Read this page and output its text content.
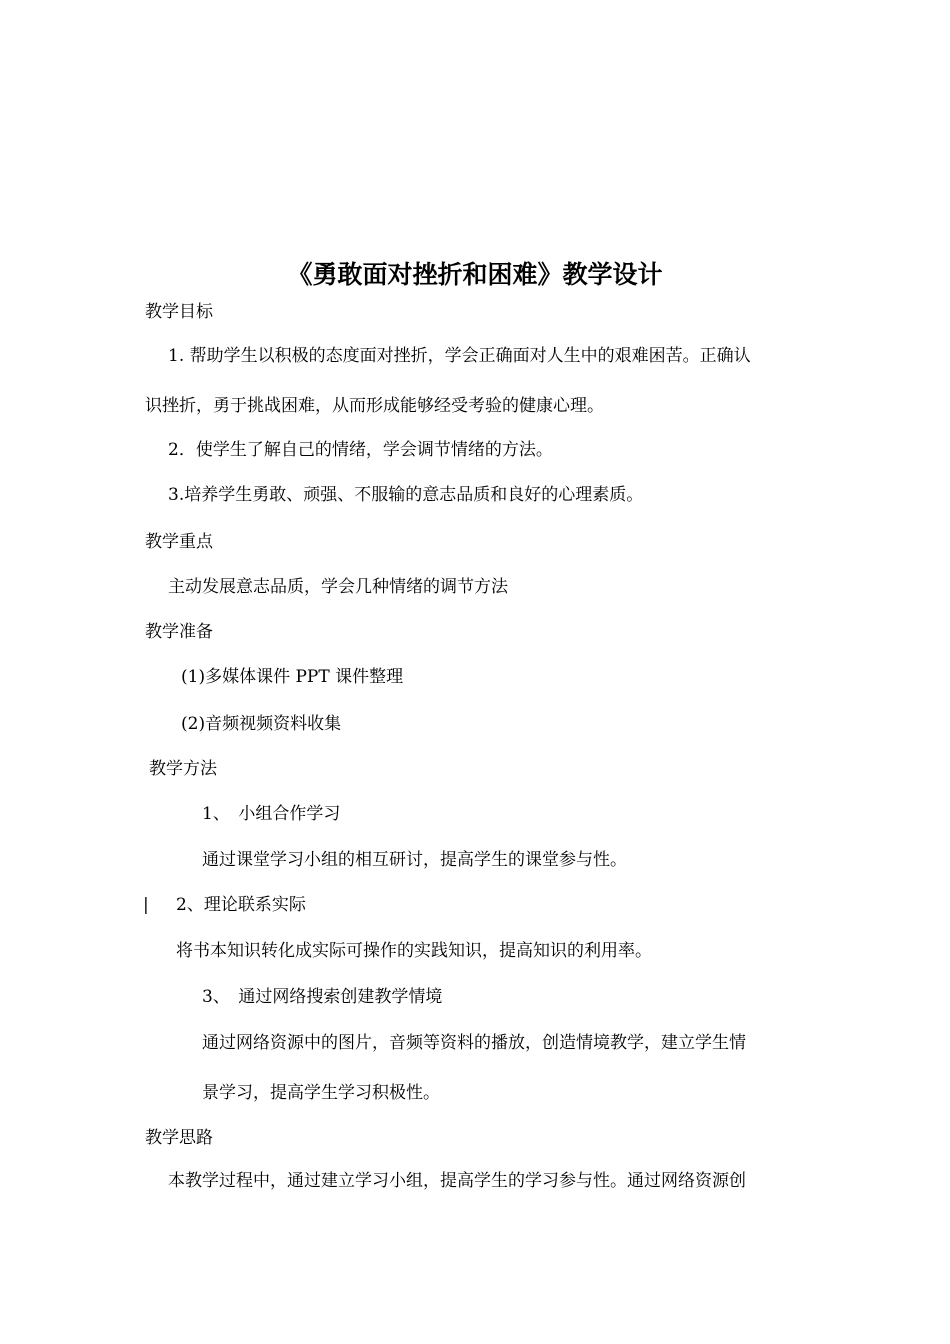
《勇敢面对挫折和困难》教学设计
教学目标
1. 帮助学生以积极的态度面对挫折，学会正确面对人生中的艰难困苦。正确认
识挫折，勇于挑战困难，从而形成能够经受考验的健康心理。
2．使学生了解自己的情绪，学会调节情绪的方法。
3.培养学生勇敢、顽强、不服输的意志品质和良好的心理素质。
教学重点
主动发展意志品质，学会几种情绪的调节方法
教学准备
(1)多媒体课件 PPT 课件整理
(2)音频视频资料收集
教学方法
1、　小组合作学习
通过课堂学习小组的相互研讨，提高学生的课堂参与性。
| 2、理论联系实际
将书本知识转化成实际可操作的实践知识，提高知识的利用率。
3、　通过网络搜索创建教学情境
通过网络资源中的图片，音频等资料的播放，创造情境教学，建立学生情
景学习，提高学生学习积极性。
教学思路
本教学过程中，通过建立学习小组，提高学生的学习参与性。通过网络资源创
